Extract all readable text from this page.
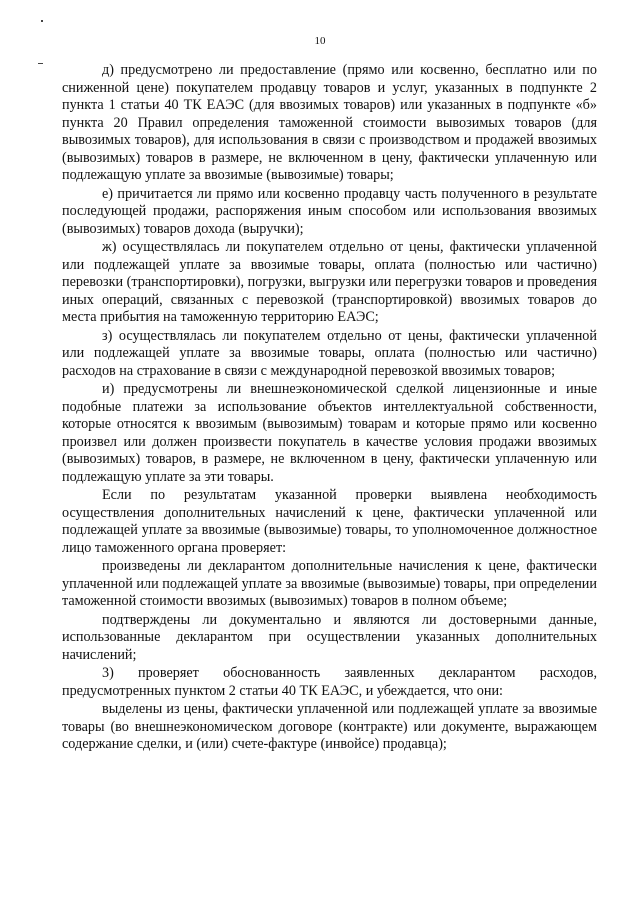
10

д) предусмотрено ли предоставление (прямо или косвенно, бесплатно или по сниженной цене) покупателем продавцу товаров и услуг, указанных в подпункте 2 пункта 1 статьи 40 ТК ЕАЭС (для ввозимых товаров) или указанных в подпункте «б» пункта 20 Правил определения таможенной стоимости вывозимых товаров (для вывозимых товаров), для использования в связи с производством и продажей ввозимых (вывозимых) товаров в размере, не включенном в цену, фактически уплаченную или подлежащую уплате за ввозимые (вывозимые) товары;

е) причитается ли прямо или косвенно продавцу часть полученного в результате последующей продажи, распоряжения иным способом или использования ввозимых (вывозимых) товаров дохода (выручки);

ж) осуществлялась ли покупателем отдельно от цены, фактически уплаченной или подлежащей уплате за ввозимые товары, оплата (полностью или частично) перевозки (транспортировки), погрузки, выгрузки или перегрузки товаров и проведения иных операций, связанных с перевозкой (транспортировкой) ввозимых товаров до места прибытия на таможенную территорию ЕАЭС;

з) осуществлялась ли покупателем отдельно от цены, фактически уплаченной или подлежащей уплате за ввозимые товары, оплата (полностью или частично) расходов на страхование в связи с международной перевозкой ввозимых товаров;

и) предусмотрены ли внешнеэкономической сделкой лицензионные и иные подобные платежи за использование объектов интеллектуальной собственности, которые относятся к ввозимым (вывозимым) товарам и которые прямо или косвенно произвел или должен произвести покупатель в качестве условия продажи ввозимых (вывозимых) товаров, в размере, не включенном в цену, фактически уплаченную или подлежащую уплате за эти товары.

Если по результатам указанной проверки выявлена необходимость осуществления дополнительных начислений к цене, фактически уплаченной или подлежащей уплате за ввозимые (вывозимые) товары, то уполномоченное должностное лицо таможенного органа проверяет:

произведены ли декларантом дополнительные начисления к цене, фактически уплаченной или подлежащей уплате за ввозимые (вывозимые) товары, при определении таможенной стоимости ввозимых (вывозимых) товаров в полном объеме;

подтверждены ли документально и являются ли достоверными данные, использованные декларантом при осуществлении указанных дополнительных начислений;

3) проверяет обоснованность заявленных декларантом расходов, предусмотренных пунктом 2 статьи 40 ТК ЕАЭС, и убеждается, что они:

выделены из цены, фактически уплаченной или подлежащей уплате за ввозимые товары (во внешнеэкономическом договоре (контракте) или документе, выражающем содержание сделки, и (или) счете-фактуре (инвойсе) продавца);
